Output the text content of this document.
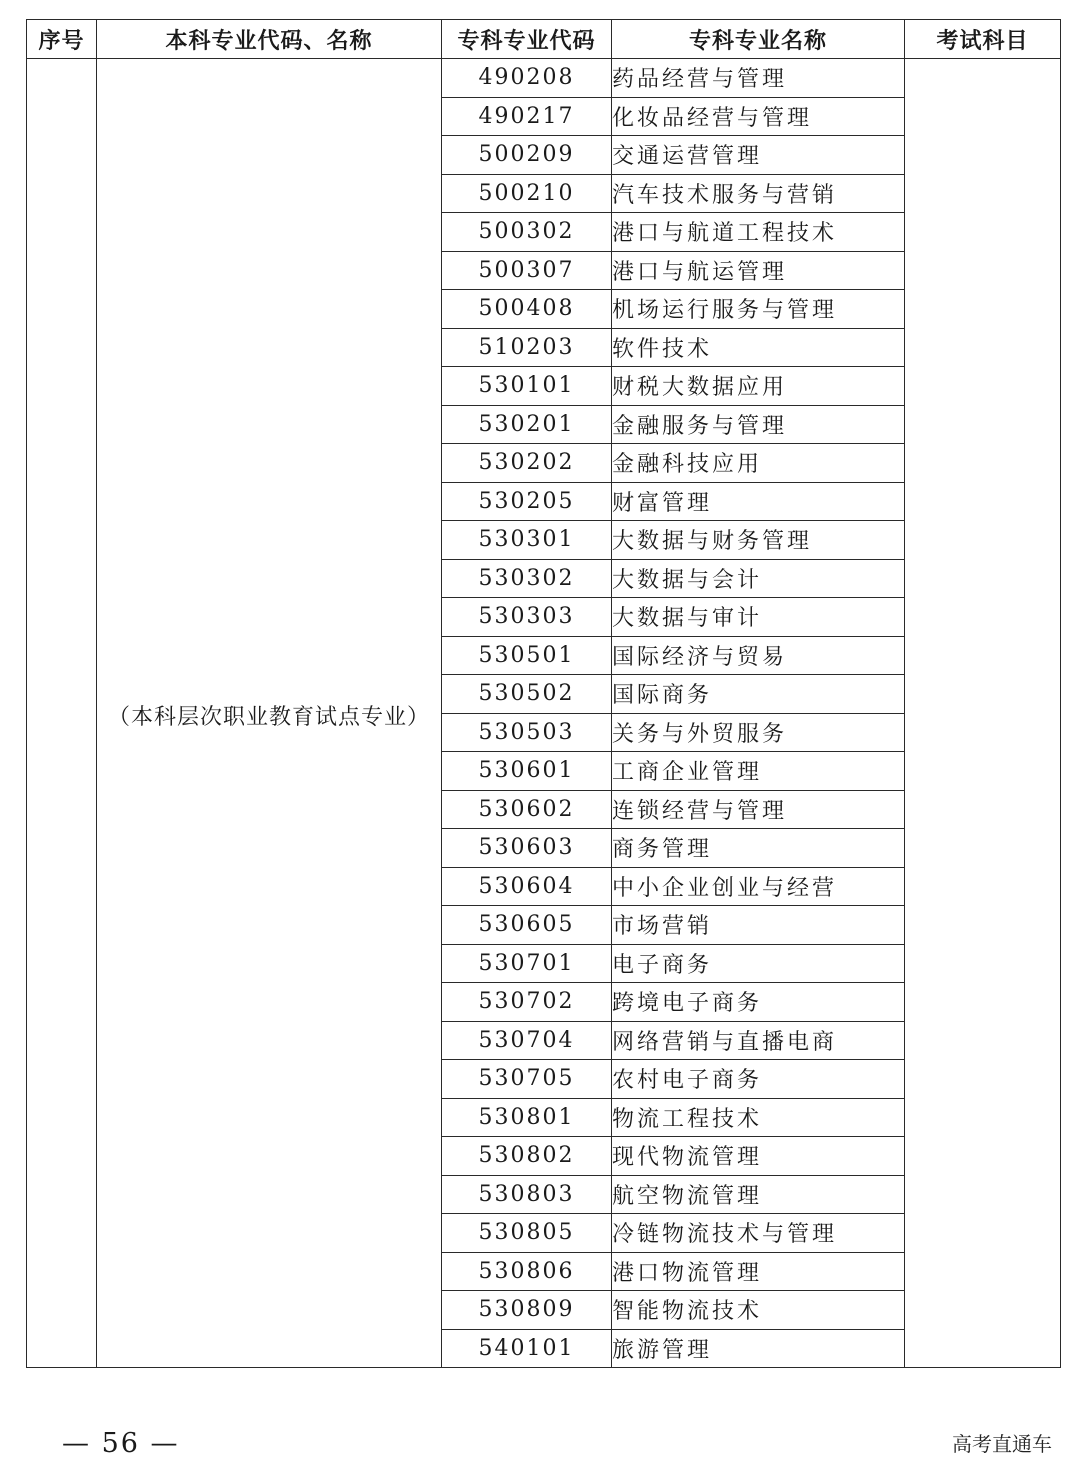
序号	本科专业代码、名称	专科专业代码	专科专业名称	考试科目

	（本科层次职业教育试点专业）	490208	药品经营与管理	
		490217	化妆品经营与管理	
		500209	交通运营管理	
		500210	汽车技术服务与营销	
		500302	港口与航道工程技术	
		500307	港口与航运管理	
		500408	机场运行服务与管理	
		510203	软件技术	
		530101	财税大数据应用	
		530201	金融服务与管理	
		530202	金融科技应用	
		530205	财富管理	
		530301	大数据与财务管理	
		530302	大数据与会计	
		530303	大数据与审计	
		530501	国际经济与贸易	
		530502	国际商务	
		530503	关务与外贸服务	
		530601	工商企业管理	
		530602	连锁经营与管理	
		530603	商务管理	
		530604	中小企业创业与经营	
		530605	市场营销	
		530701	电子商务	
		530702	跨境电子商务	
		530704	网络营销与直播电商	
		530705	农村电子商务	
		530801	物流工程技术	
		530802	现代物流管理	
		530803	航空物流管理	
		530805	冷链物流技术与管理	
		530806	港口物流管理	
		530809	智能物流技术	
		540101	旅游管理	
— 56 —	高考直通车
